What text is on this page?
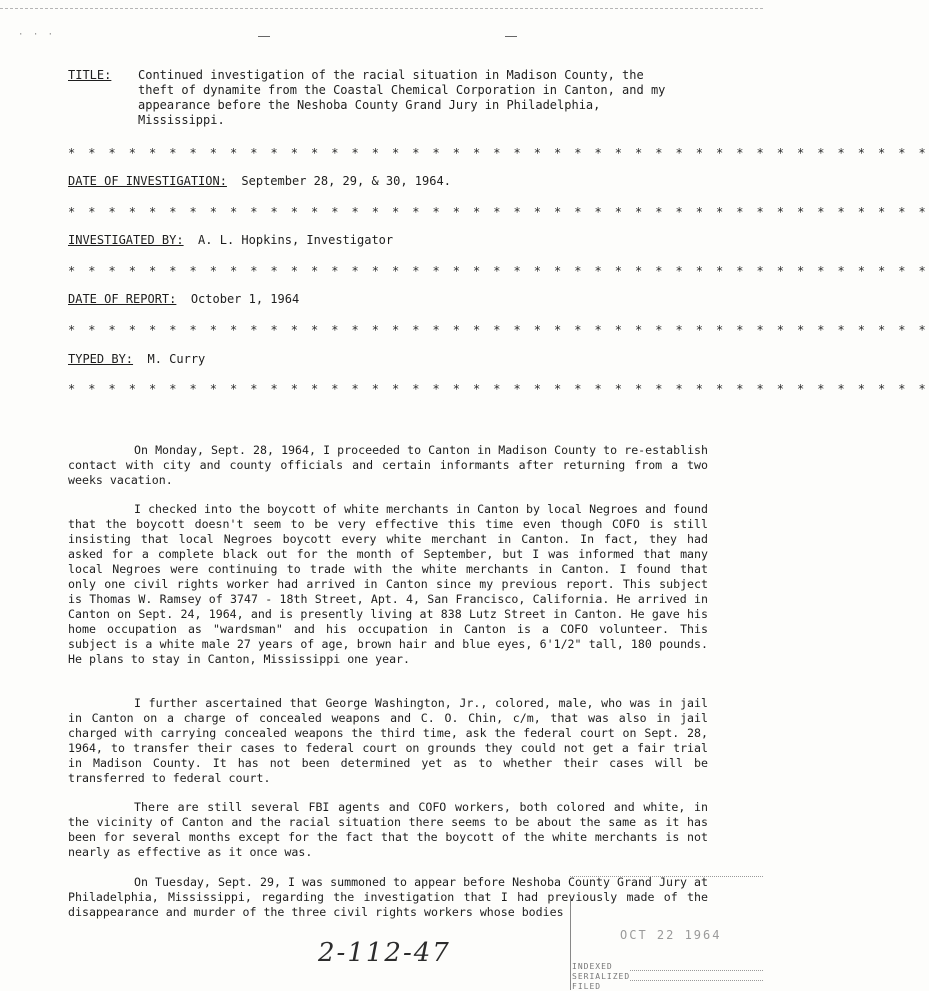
· · ·
TITLE: Continued investigation of the racial situation in Madison County, the theft of dynamite from the Coastal Chemical Corporation in Canton, and my appearance before the Neshoba County Grand Jury in Philadelphia, Mississippi.
* * * * * * * * * * * * * * * * * * * * * * * * * * * * * * * * * * * * * * * * * * *
DATE OF INVESTIGATION: September 28, 29, & 30, 1964.
* * * * * * * * * * * * * * * * * * * * * * * * * * * * * * * * * * * * * * * * * * *
INVESTIGATED BY: A. L. Hopkins, Investigator
* * * * * * * * * * * * * * * * * * * * * * * * * * * * * * * * * * * * * * * * * * *
DATE OF REPORT: October 1, 1964
* * * * * * * * * * * * * * * * * * * * * * * * * * * * * * * * * * * * * * * * * * *
TYPED BY: M. Curry
* * * * * * * * * * * * * * * * * * * * * * * * * * * * * * * * * * * * * * * * * * *
On Monday, Sept. 28, 1964, I proceeded to Canton in Madison County to re-establish contact with city and county officials and certain informants after returning from a two weeks vacation.
I checked into the boycott of white merchants in Canton by local Negroes and found that the boycott doesn't seem to be very effective this time even though COFO is still insisting that local Negroes boycott every white merchant in Canton. In fact, they had asked for a complete black out for the month of September, but I was informed that many local Negroes were continuing to trade with the white merchants in Canton. I found that only one civil rights worker had arrived in Canton since my previous report. This subject is Thomas W. Ramsey of 3747 - 18th Street, Apt. 4, San Francisco, California. He arrived in Canton on Sept. 24, 1964, and is presently living at 838 Lutz Street in Canton. He gave his home occupation as "wardsman" and his occupation in Canton is a COFO volunteer. This subject is a white male 27 years of age, brown hair and blue eyes, 6'1/2" tall, 180 pounds. He plans to stay in Canton, Mississippi one year.
I further ascertained that George Washington, Jr., colored, male, who was in jail in Canton on a charge of concealed weapons and C. O. Chin, c/m, that was also in jail charged with carrying concealed weapons the third time, ask the federal court on Sept. 28, 1964, to transfer their cases to federal court on grounds they could not get a fair trial in Madison County. It has not been determined yet as to whether their cases will be transferred to federal court.
There are still several FBI agents and COFO workers, both colored and white, in the vicinity of Canton and the racial situation there seems to be about the same as it has been for several months except for the fact that the boycott of the white merchants is not nearly as effective as it once was.
On Tuesday, Sept. 29, I was summoned to appear before Neshoba County Grand Jury at Philadelphia, Mississippi, regarding the investigation that I had previously made of the disappearance and murder of the three civil rights workers whose bodies
2-112-47
OCT 22 1964
INDEXED
SERIALIZED
FILED
